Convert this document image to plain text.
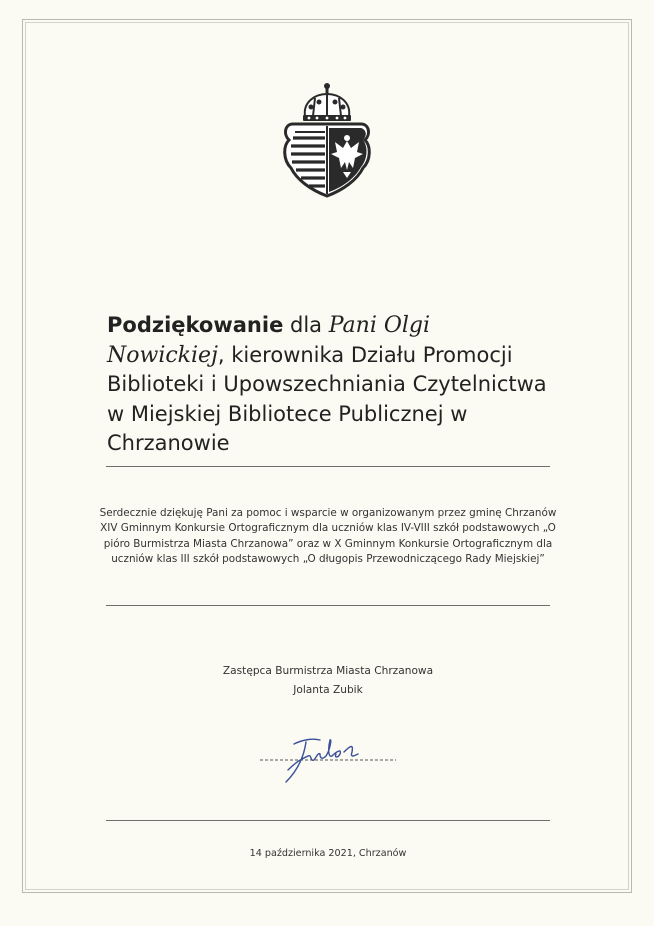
Podziękowanie dla Pani Olgi
Nowickiej, kierownika Działu Promocji Biblioteki i Upowszechniania Czytelnictwa w Miejskiej Bibliotece Publicznej w Chrzanowie
Serdecznie dziękuję Pani za pomoc i wsparcie w organizowanym przez gminę Chrzanów XIV Gminnym Konkursie Ortograficznym dla uczniów klas IV-VIII szkół podstawowych „O pióro Burmistrza Miasta Chrzanowa” oraz w X Gminnym Konkursie Ortograficznym dla uczniów klas III szkół podstawowych „O długopis Przewodniczącego Rady Miejskiej”
Zastępca Burmistrza Miasta Chrzanowa
Jolanta Zubik
14 października 2021, Chrzanów
